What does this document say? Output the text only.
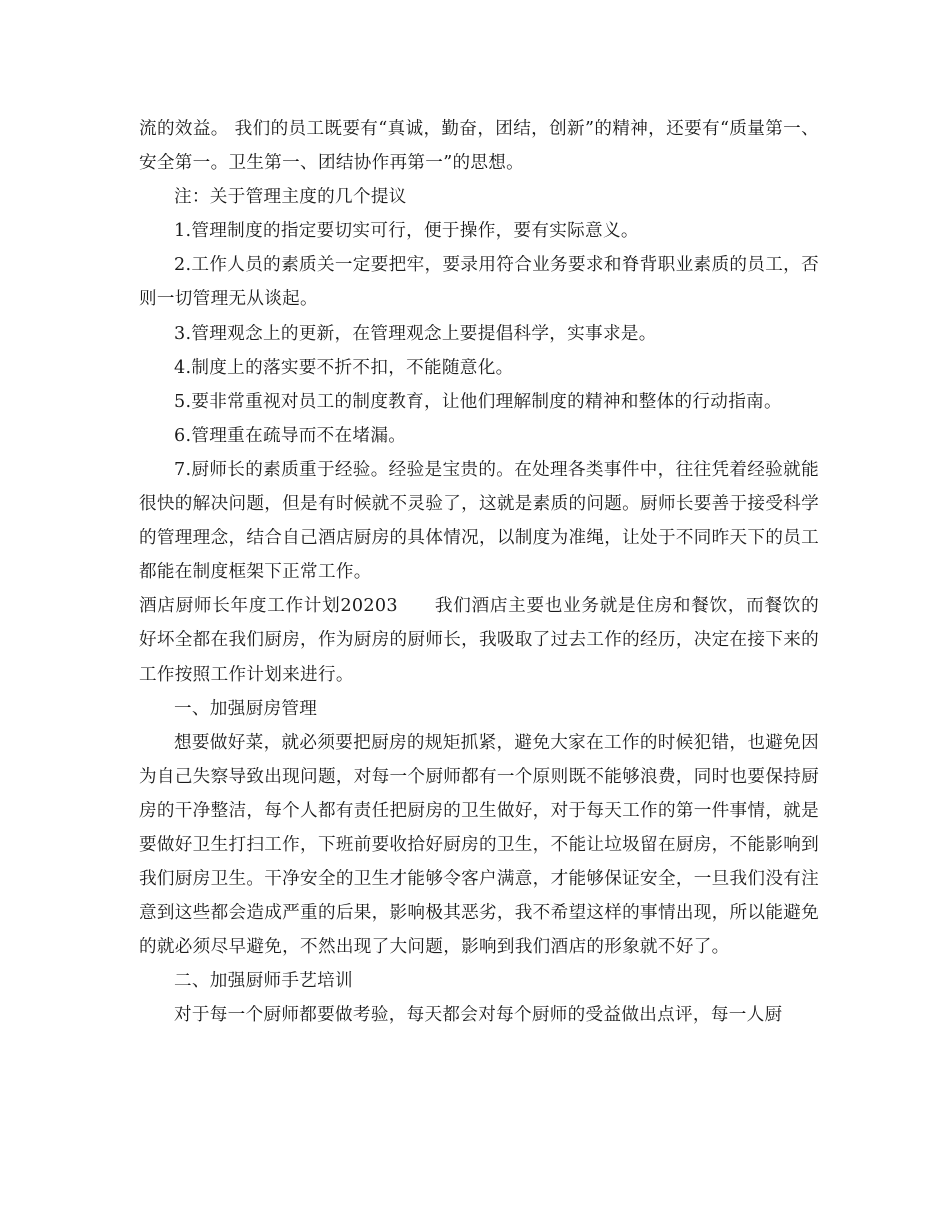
流的效益。 我们的员工既要有“真诚，勤奋，团结，创新”的精神，还要有“质量第一、安全第一。卫生第一、团结协作再第一”的思想。

注：关于管理主度的几个提议

1.管理制度的指定要切实可行，便于操作，要有实际意义。

2.工作人员的素质关一定要把牢，要录用符合业务要求和脊背职业素质的员工，否则一切管理无从谈起。

3.管理观念上的更新，在管理观念上要提倡科学，实事求是。

4.制度上的落实要不折不扣，不能随意化。

5.要非常重视对员工的制度教育，让他们理解制度的精神和整体的行动指南。

6.管理重在疏导而不在堵漏。

7.厨师长的素质重于经验。经验是宝贵的。在处理各类事件中，往往凭着经验就能很快的解决问题，但是有时候就不灵验了，这就是素质的问题。厨师长要善于接受科学的管理理念，结合自己酒店厨房的具体情况，以制度为准绳，让处于不同昨天下的员工都能在制度框架下正常工作。

酒店厨师长年度工作计划20203　　我们酒店主要也业务就是住房和餐饮，而餐饮的好坏全都在我们厨房，作为厨房的厨师长，我吸取了过去工作的经历，决定在接下来的工作按照工作计划来进行。

一、加强厨房管理

想要做好菜，就必须要把厨房的规矩抓紧，避免大家在工作的时候犯错，也避免因为自己失察导致出现问题，对每一个厨师都有一个原则既不能够浪费，同时也要保持厨房的干净整洁，每个人都有责任把厨房的卫生做好，对于每天工作的第一件事情，就是要做好卫生打扫工作，下班前要收拾好厨房的卫生，不能让垃圾留在厨房，不能影响到我们厨房卫生。干净安全的卫生才能够令客户满意，才能够保证安全，一旦我们没有注意到这些都会造成严重的后果，影响极其恶劣，我不希望这样的事情出现，所以能避免的就必须尽早避免，不然出现了大问题，影响到我们酒店的形象就不好了。

二、加强厨师手艺培训

对于每一个厨师都要做考验，每天都会对每个厨师的受益做出点评，每一人厨
